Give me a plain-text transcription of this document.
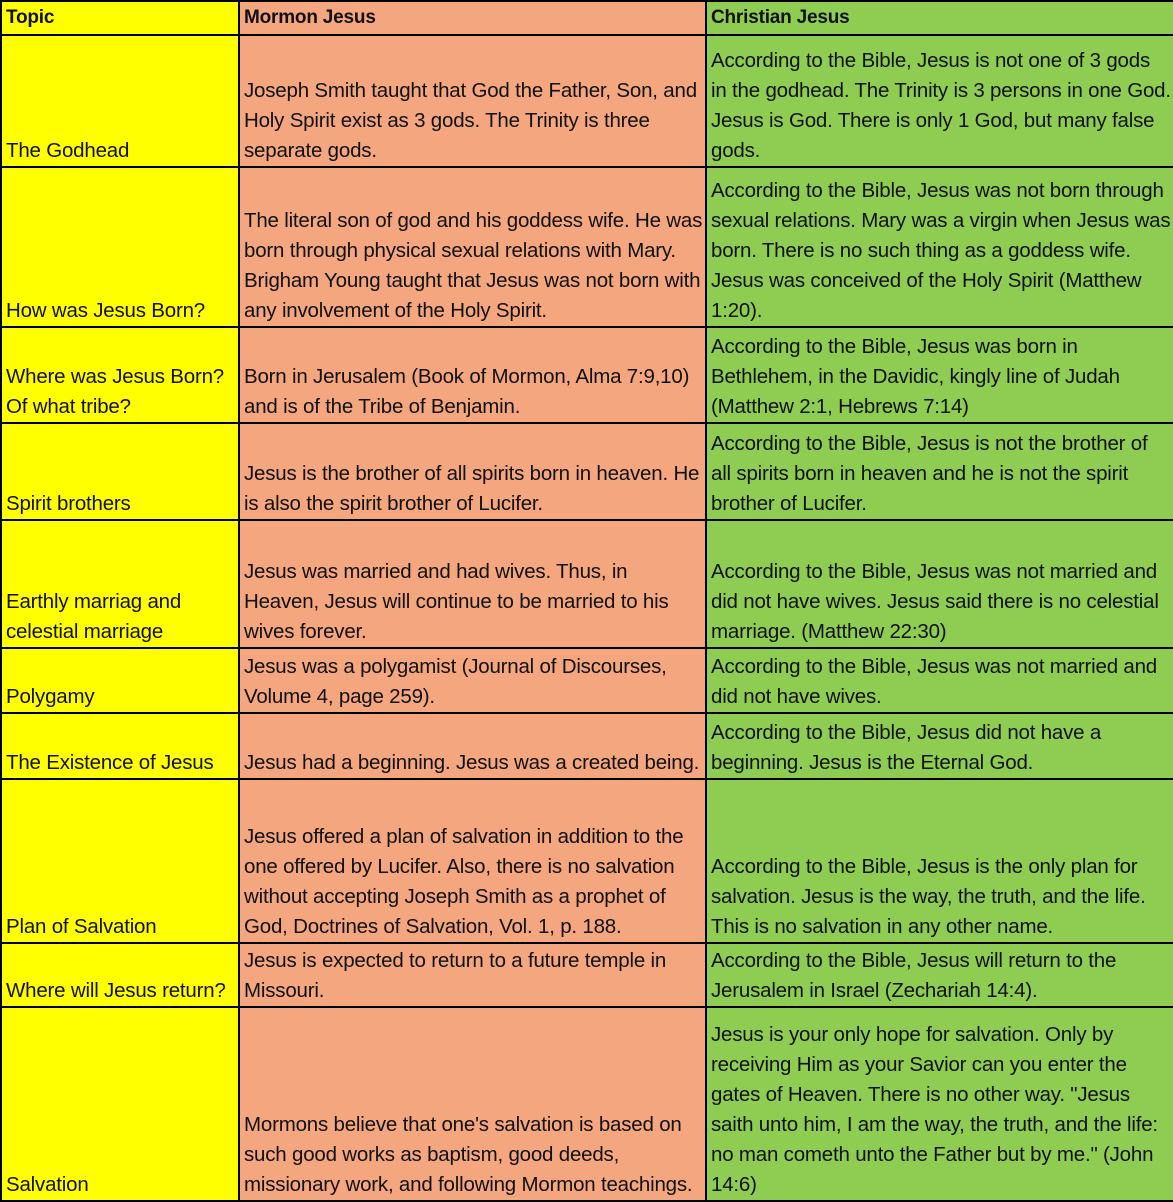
Topic	Mormon Jesus	Christian Jesus
The Godhead	Joseph Smith taught that God the Father, Son, and Holy Spirit exist as 3 gods. The Trinity is three separate gods.	According to the Bible, Jesus is not one of 3 gods in the godhead. The Trinity is 3 persons in one God. Jesus is God. There is only 1 God, but many false gods.
How was Jesus Born?	The literal son of god and his goddess wife. He was born through physical sexual relations with Mary. Brigham Young taught that Jesus was not born with any involvement of the Holy Spirit.	According to the Bible, Jesus was not born through sexual relations. Mary was a virgin when Jesus was born. There is no such thing as a goddess wife. Jesus was conceived of the Holy Spirit (Matthew 1:20).
Where was Jesus Born? Of what tribe?	Born in Jerusalem (Book of Mormon, Alma 7:9,10) and is of the Tribe of Benjamin.	According to the Bible, Jesus was born in Bethlehem, in the Davidic, kingly line of Judah (Matthew 2:1, Hebrews 7:14)
Spirit brothers	Jesus is the brother of all spirits born in heaven. He is also the spirit brother of Lucifer.	According to the Bible, Jesus is not the brother of all spirits born in heaven and he is not the spirit brother of Lucifer.
Earthly marriag and celestial marriage	Jesus was married and had wives. Thus, in Heaven, Jesus will continue to be married to his wives forever.	According to the Bible, Jesus was not married and did not have wives. Jesus said there is no celestial marriage. (Matthew 22:30)
Polygamy	Jesus was a polygamist (Journal of Discourses, Volume 4, page 259).	According to the Bible, Jesus was not married and did not have wives.
The Existence of Jesus	Jesus had a beginning. Jesus was a created being.	According to the Bible, Jesus did not have a beginning. Jesus is the Eternal God.
Plan of Salvation	Jesus offered a plan of salvation in addition to the one offered by Lucifer. Also, there is no salvation without accepting Joseph Smith as a prophet of God, Doctrines of Salvation, Vol. 1, p. 188.	According to the Bible, Jesus is the only plan for salvation. Jesus is the way, the truth, and the life. This is no salvation in any other name.
Where will Jesus return?	Jesus is expected to return to a future temple in Missouri.	According to the Bible, Jesus will return to the Jerusalem in Israel (Zechariah 14:4).
Salvation	Mormons believe that one's salvation is based on such good works as baptism, good deeds, missionary work, and following Mormon teachings.	Jesus is your only hope for salvation. Only by receiving Him as your Savior can you enter the gates of Heaven. There is no other way. "Jesus saith unto him, I am the way, the truth, and the life: no man cometh unto the Father but by me." (John 14:6)
